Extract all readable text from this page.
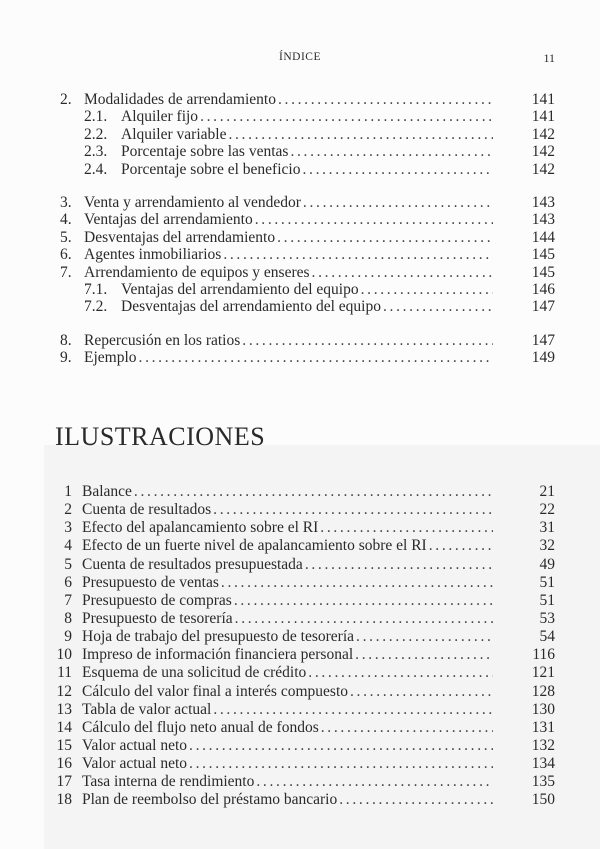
ÍNDICE	11
2. Modalidades de arrendamiento . . .	141
2.1. Alquiler fijo . . .	141
2.2. Alquiler variable . . .	142
2.3. Porcentaje sobre las ventas . . .	142
2.4. Porcentaje sobre el beneficio . . .	142
3. Venta y arrendamiento al vendedor . . .	143
4. Ventajas del arrendamiento . . .	143
5. Desventajas del arrendamiento . . .	144
6. Agentes inmobiliarios . . .	145
7. Arrendamiento de equipos y enseres . . .	145
7.1. Ventajas del arrendamiento del equipo . . .	146
7.2. Desventajas del arrendamiento del equipo . . .	147
8. Repercusión en los ratios . . .	147
9. Ejemplo . . .	149
ILUSTRACIONES
1 Balance . . .	21
2 Cuenta de resultados . . .	22
3 Efecto del apalancamiento sobre el RI . . .	31
4 Efecto de un fuerte nivel de apalancamiento sobre el RI . . .	32
5 Cuenta de resultados presupuestada . . .	49
6 Presupuesto de ventas . . .	51
7 Presupuesto de compras . . .	51
8 Presupuesto de tesorería . . .	53
9 Hoja de trabajo del presupuesto de tesorería . . .	54
10 Impreso de información financiera personal . . .	116
11 Esquema de una solicitud de crédito . . .	121
12 Cálculo del valor final a interés compuesto . . .	128
13 Tabla de valor actual . . .	130
14 Cálculo del flujo neto anual de fondos . . .	131
15 Valor actual neto . . .	132
16 Valor actual neto . . .	134
17 Tasa interna de rendimiento . . .	135
18 Plan de reembolso del préstamo bancario . . .	150
